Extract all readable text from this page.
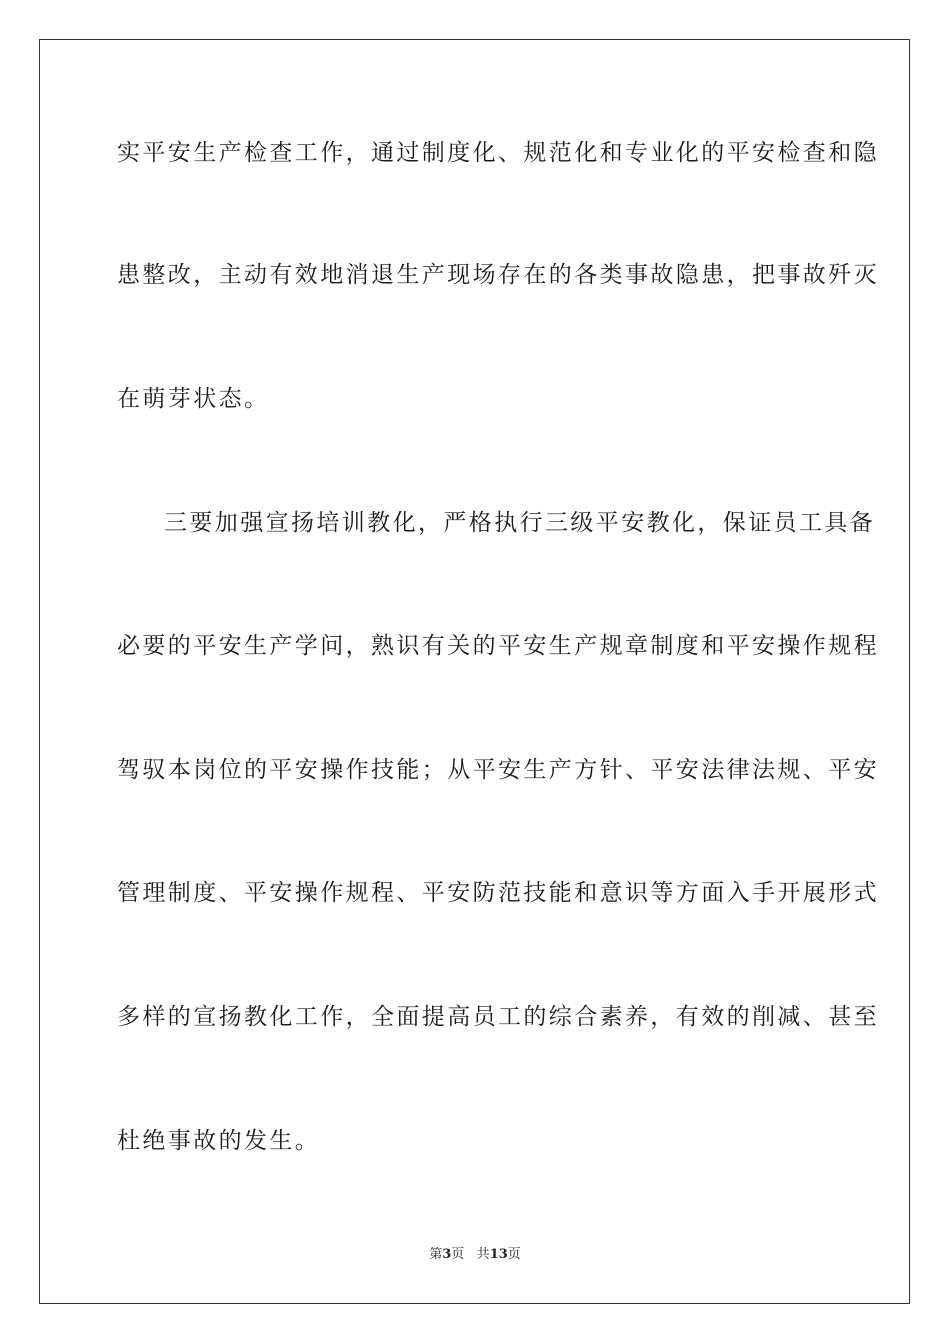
实平安生产检查工作，通过制度化、规范化和专业化的平安检查和隐
患整改，主动有效地消退生产现场存在的各类事故隐患，把事故歼灭
在萌芽状态。
三要加强宣扬培训教化，严格执行三级平安教化，保证员工具备
必要的平安生产学问，熟识有关的平安生产规章制度和平安操作规程
驾驭本岗位的平安操作技能；从平安生产方针、平安法律法规、平安
管理制度、平安操作规程、平安防范技能和意识等方面入手开展形式
多样的宣扬教化工作，全面提高员工的综合素养，有效的削减、甚至
杜绝事故的发生。
第3页 共13页
